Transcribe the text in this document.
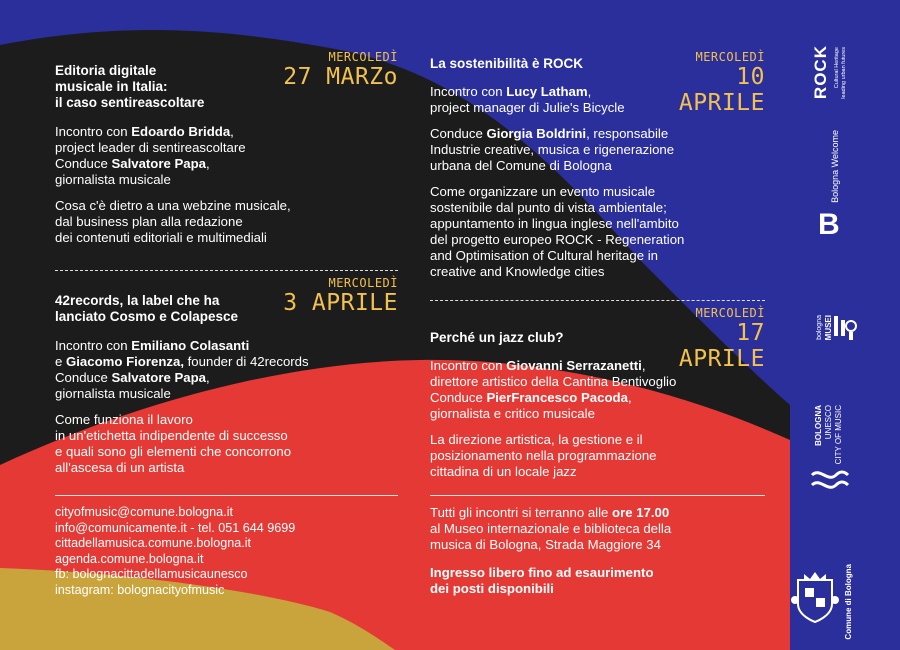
MERCOLEDÌ
27 MARZo
Editoria digitale
musicale in Italia:
il caso sentireascoltare

Incontro con Edoardo Bridda,

project leader di sentireascoltare

Conduce Salvatore Papa,

giornalista musicale

Cosa c'è dietro a una webzine musicale,

dal business plan alla redazione

dei contenuti editoriali e multimediali

MERCOLEDÌ
3 APRILE
42records, la label che ha
lanciato Cosmo e Colapesce

Incontro con Emiliano Colasanti

e Giacomo Fiorenza, founder di 42records

Conduce Salvatore Papa,

giornalista musicale

Come funziona il lavoro

in un'etichetta indipendente di successo

e quali sono gli elementi che concorrono

all'ascesa di un artista

cityofmusic@comune.bologna.it
info@comunicamente.it - tel. 051 644 9699
cittadellamusica.comune.bologna.it
agenda.comune.bologna.it
fb: bolognacittadellamusicaunesco
instagram: bolognacityofmusic
MERCOLEDÌ
10 APRILE
La sostenibilità è ROCK

Incontro con Lucy Latham,

project manager di Julie's Bicycle

Conduce Giorgia Boldrini, responsabile

Industrie creative, musica e rigenerazione

urbana del Comune di Bologna

Come organizzare un evento musicale

sostenibile dal punto di vista ambientale;

appuntamento in lingua inglese nell'ambito

del progetto europeo ROCK - Regeneration

and Optimisation of Cultural heritage in

creative and Knowledge cities

MERCOLEDÌ
17 APRILE
Perché un jazz club?

Incontro con Giovanni Serrazanetti,

direttore artistico della Cantina Bentivoglio

Conduce PierFrancesco Pacoda,

giornalista e critico musicale

La direzione artistica, la gestione e il

posizionamento nella programmazione

cittadina di un locale jazz

Tutti gli incontri si terranno alle ore 17.00

al Museo internazionale e biblioteca della

musica di Bologna, Strada Maggiore 34

Ingresso libero fino ad esaurimento

dei posti disponibili

ROCK Cultural Heritage leading urban futures
Bologna Welcome
B
bologna MUSEI
BOLOGNA UNESCO CITY OF MUSIC
Comune di Bologna
